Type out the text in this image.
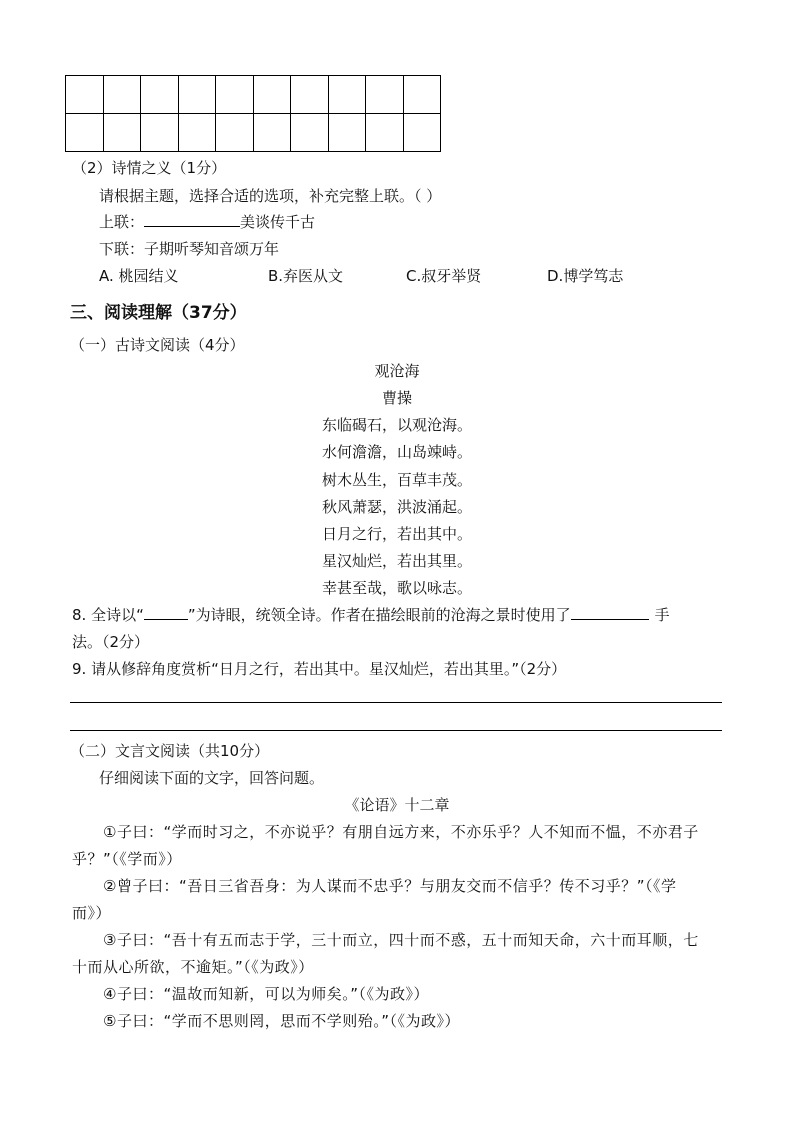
（2）诗情之义（1分）
请根据主题，选择合适的选项，补充完整上联。（ ）
上联：	美谈传千古
下联：子期听琴知音颂万年
A. 桃园结义	B.弃医从文	C.叔牙举贤	D.博学笃志
三、阅读理解（37分）
（一）古诗文阅读（4分）
观沧海
曹操
东临碣石，以观沧海。
水何澹澹，山岛竦峙。
树木丛生，百草丰茂。
秋风萧瑟，洪波涌起。
日月之行，若出其中。
星汉灿烂，若出其里。
幸甚至哉，歌以咏志。
8. 全诗以“	”为诗眼，统领全诗。作者在描绘眼前的沧海之景时使用了	手
法。（2分）
9. 请从修辞角度赏析“日月之行，若出其中。星汉灿烂，若出其里。”（2分）
（二）文言文阅读（共10分）
仔细阅读下面的文字，回答问题。
《论语》十二章
①子曰：“学而时习之，不亦说乎？有朋自远方来，不亦乐乎？人不知而不愠，不亦君子
乎？”（《学而》）
②曾子曰：“吾日三省吾身：为人谋而不忠乎？与朋友交而不信乎？传不习乎？”（《学
而》）
③子曰：“吾十有五而志于学，三十而立，四十而不惑，五十而知天命，六十而耳顺，七
十而从心所欲，不逾矩。”（《为政》）
④子曰：“温故而知新，可以为师矣。”（《为政》）
⑤子曰：“学而不思则罔，思而不学则殆。”（《为政》）
